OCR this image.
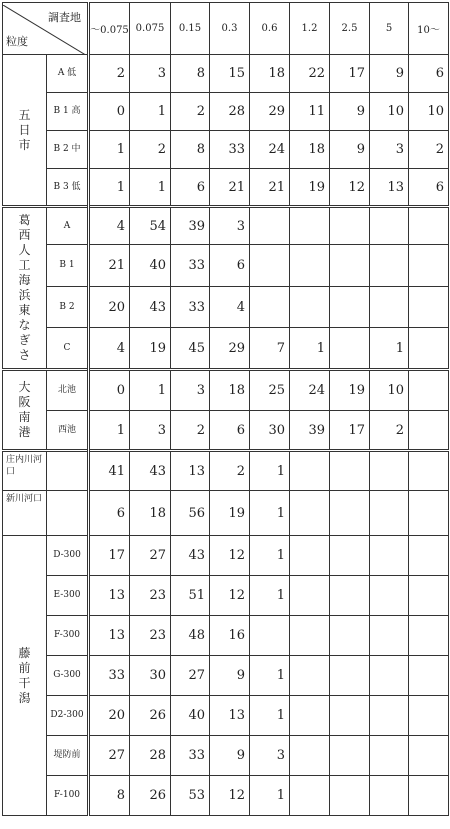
調査地
粒度		～0.075	0.075	0.15	0.3	0.6	1.2	2.5	5	10～
五日市	A 低	2	3	8	15	18	22	17	9	6
	B 1 高	0	1	2	28	29	11	9	10	10
	B 2 中	1	2	8	33	24	18	9	3	2
	B 3 低	1	1	6	21	21	19	12	13	6
葛西人工海浜東なぎさ	A	4	54	39	3					
	B 1	21	40	33	6					
	B 2	20	43	33	4					
	C	4	19	45	29	7	1		1	
大阪南港	北池	0	1	3	18	25	24	19	10	
	西池	1	3	2	6	30	39	17	2	
庄内川河口		41	43	13	2	1				
新川河口		6	18	56	19	1				
藤前干潟	D-300	17	27	43	12	1				
	E-300	13	23	51	12	1				
	F-300	13	23	48	16					
	G-300	33	30	27	9	1				
	D2-300	20	26	40	13	1				
	堤防前	27	28	33	9	3				
	F-100	8	26	53	12	1				
